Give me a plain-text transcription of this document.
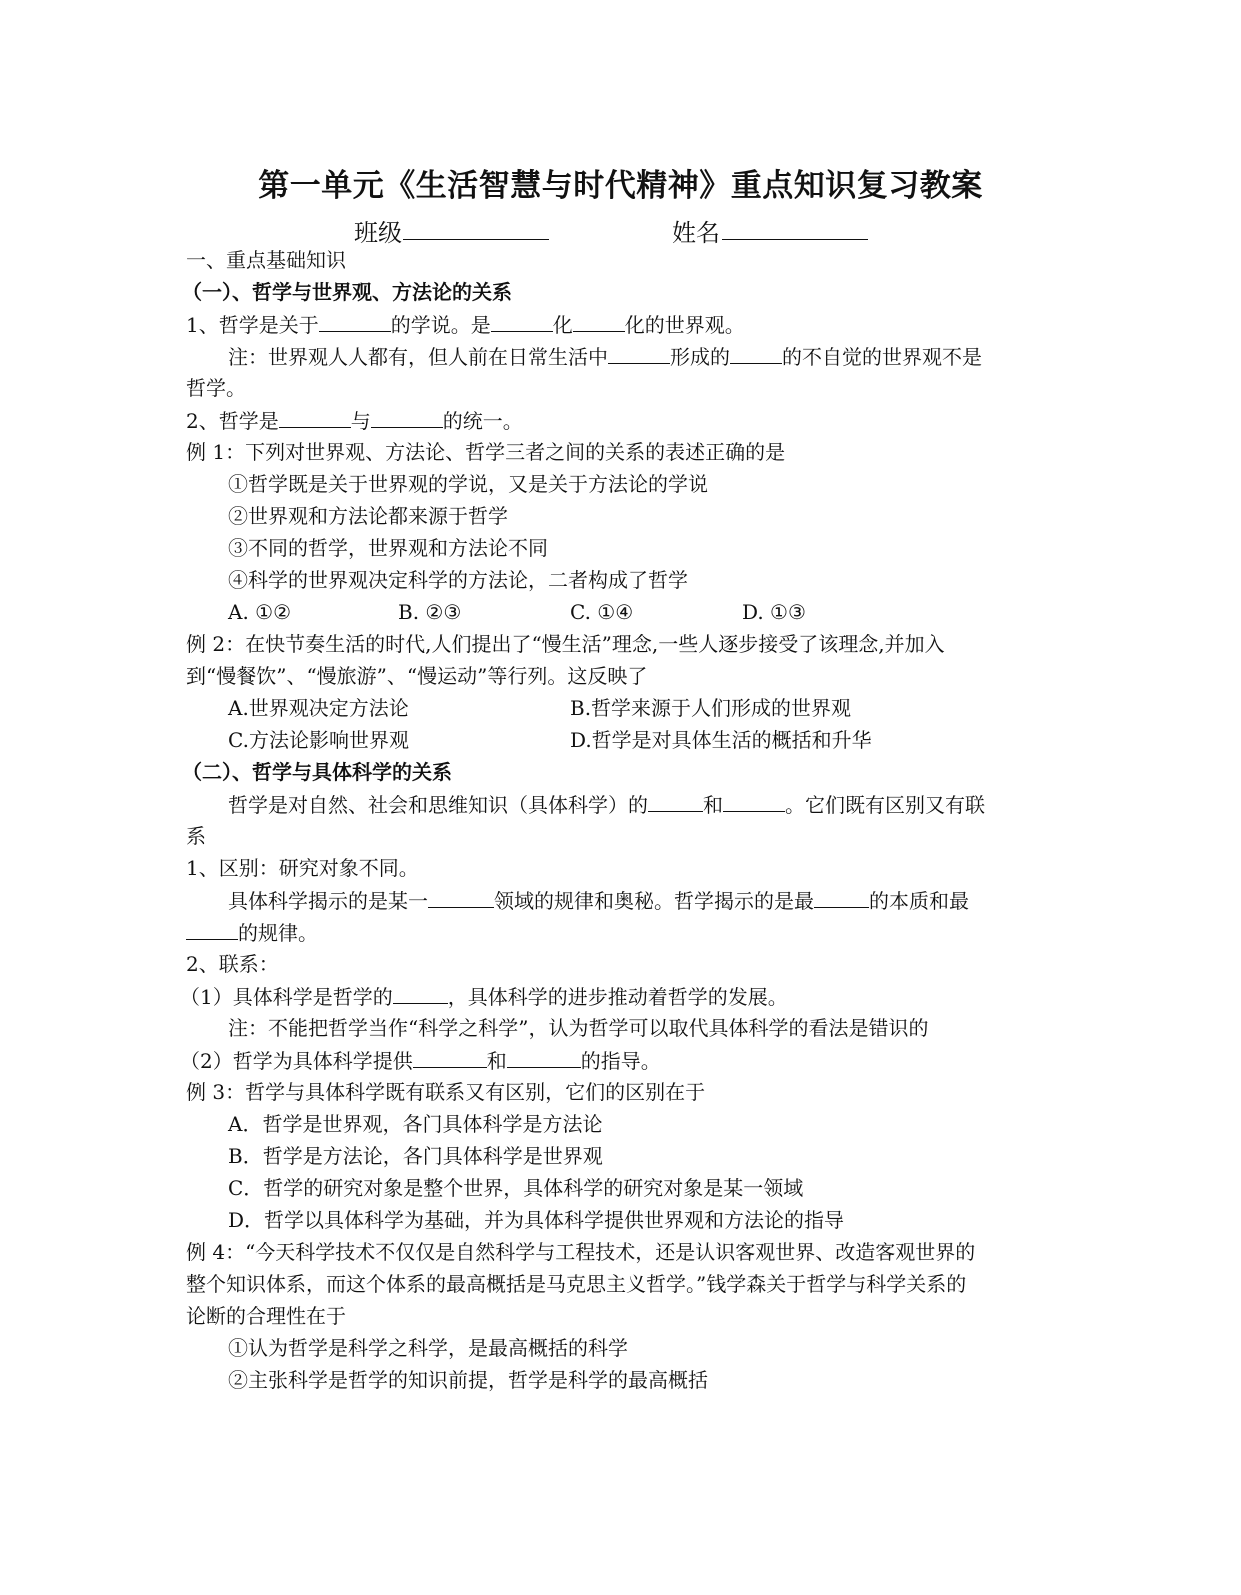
第一单元《生活智慧与时代精神》重点知识复习教案
班级	姓名
一、重点基础知识
（一）、哲学与世界观、方法论的关系
1、哲学是关于	的学说。是	化	化的世界观。
注：世界观人人都有，但人前在日常生活中	形成的	的不自觉的世界观不是
哲学。
2、哲学是	与	的统一。
例 1：下列对世界观、方法论、哲学三者之间的关系的表述正确的是
①哲学既是关于世界观的学说，又是关于方法论的学说
②世界观和方法论都来源于哲学
③不同的哲学，世界观和方法论不同
④科学的世界观决定科学的方法论，二者构成了哲学
A. ①②	B. ②③	C. ①④	D. ①③
例 2：在快节奏生活的时代,人们提出了“慢生活”理念,一些人逐步接受了该理念,并加入
到“慢餐饮”、“慢旅游”、“慢运动”等行列。这反映了
A.世界观决定方法论	B.哲学来源于人们形成的世界观
C.方法论影响世界观	D.哲学是对具体生活的概括和升华
（二）、哲学与具体科学的关系
哲学是对自然、社会和思维知识（具体科学）的	和	。它们既有区别又有联
系
1、区别：研究对象不同。
具体科学揭示的是某一	领域的规律和奥秘。哲学揭示的是最	的本质和最
的规律。
2、联系：
（1）具体科学是哲学的	，具体科学的进步推动着哲学的发展。
注：不能把哲学当作“科学之科学”，认为哲学可以取代具体科学的看法是错识的
（2）哲学为具体科学提供	和	的指导。
例 3：哲学与具体科学既有联系又有区别，它们的区别在于
A．哲学是世界观，各门具体科学是方法论
B．哲学是方法论，各门具体科学是世界观
C．哲学的研究对象是整个世界，具体科学的研究对象是某一领域
D．哲学以具体科学为基础，并为具体科学提供世界观和方法论的指导
例 4：“今天科学技术不仅仅是自然科学与工程技术，还是认识客观世界、改造客观世界的
整个知识体系，而这个体系的最高概括是马克思主义哲学。”钱学森关于哲学与科学关系的
论断的合理性在于
①认为哲学是科学之科学，是最高概括的科学
②主张科学是哲学的知识前提，哲学是科学的最高概括
